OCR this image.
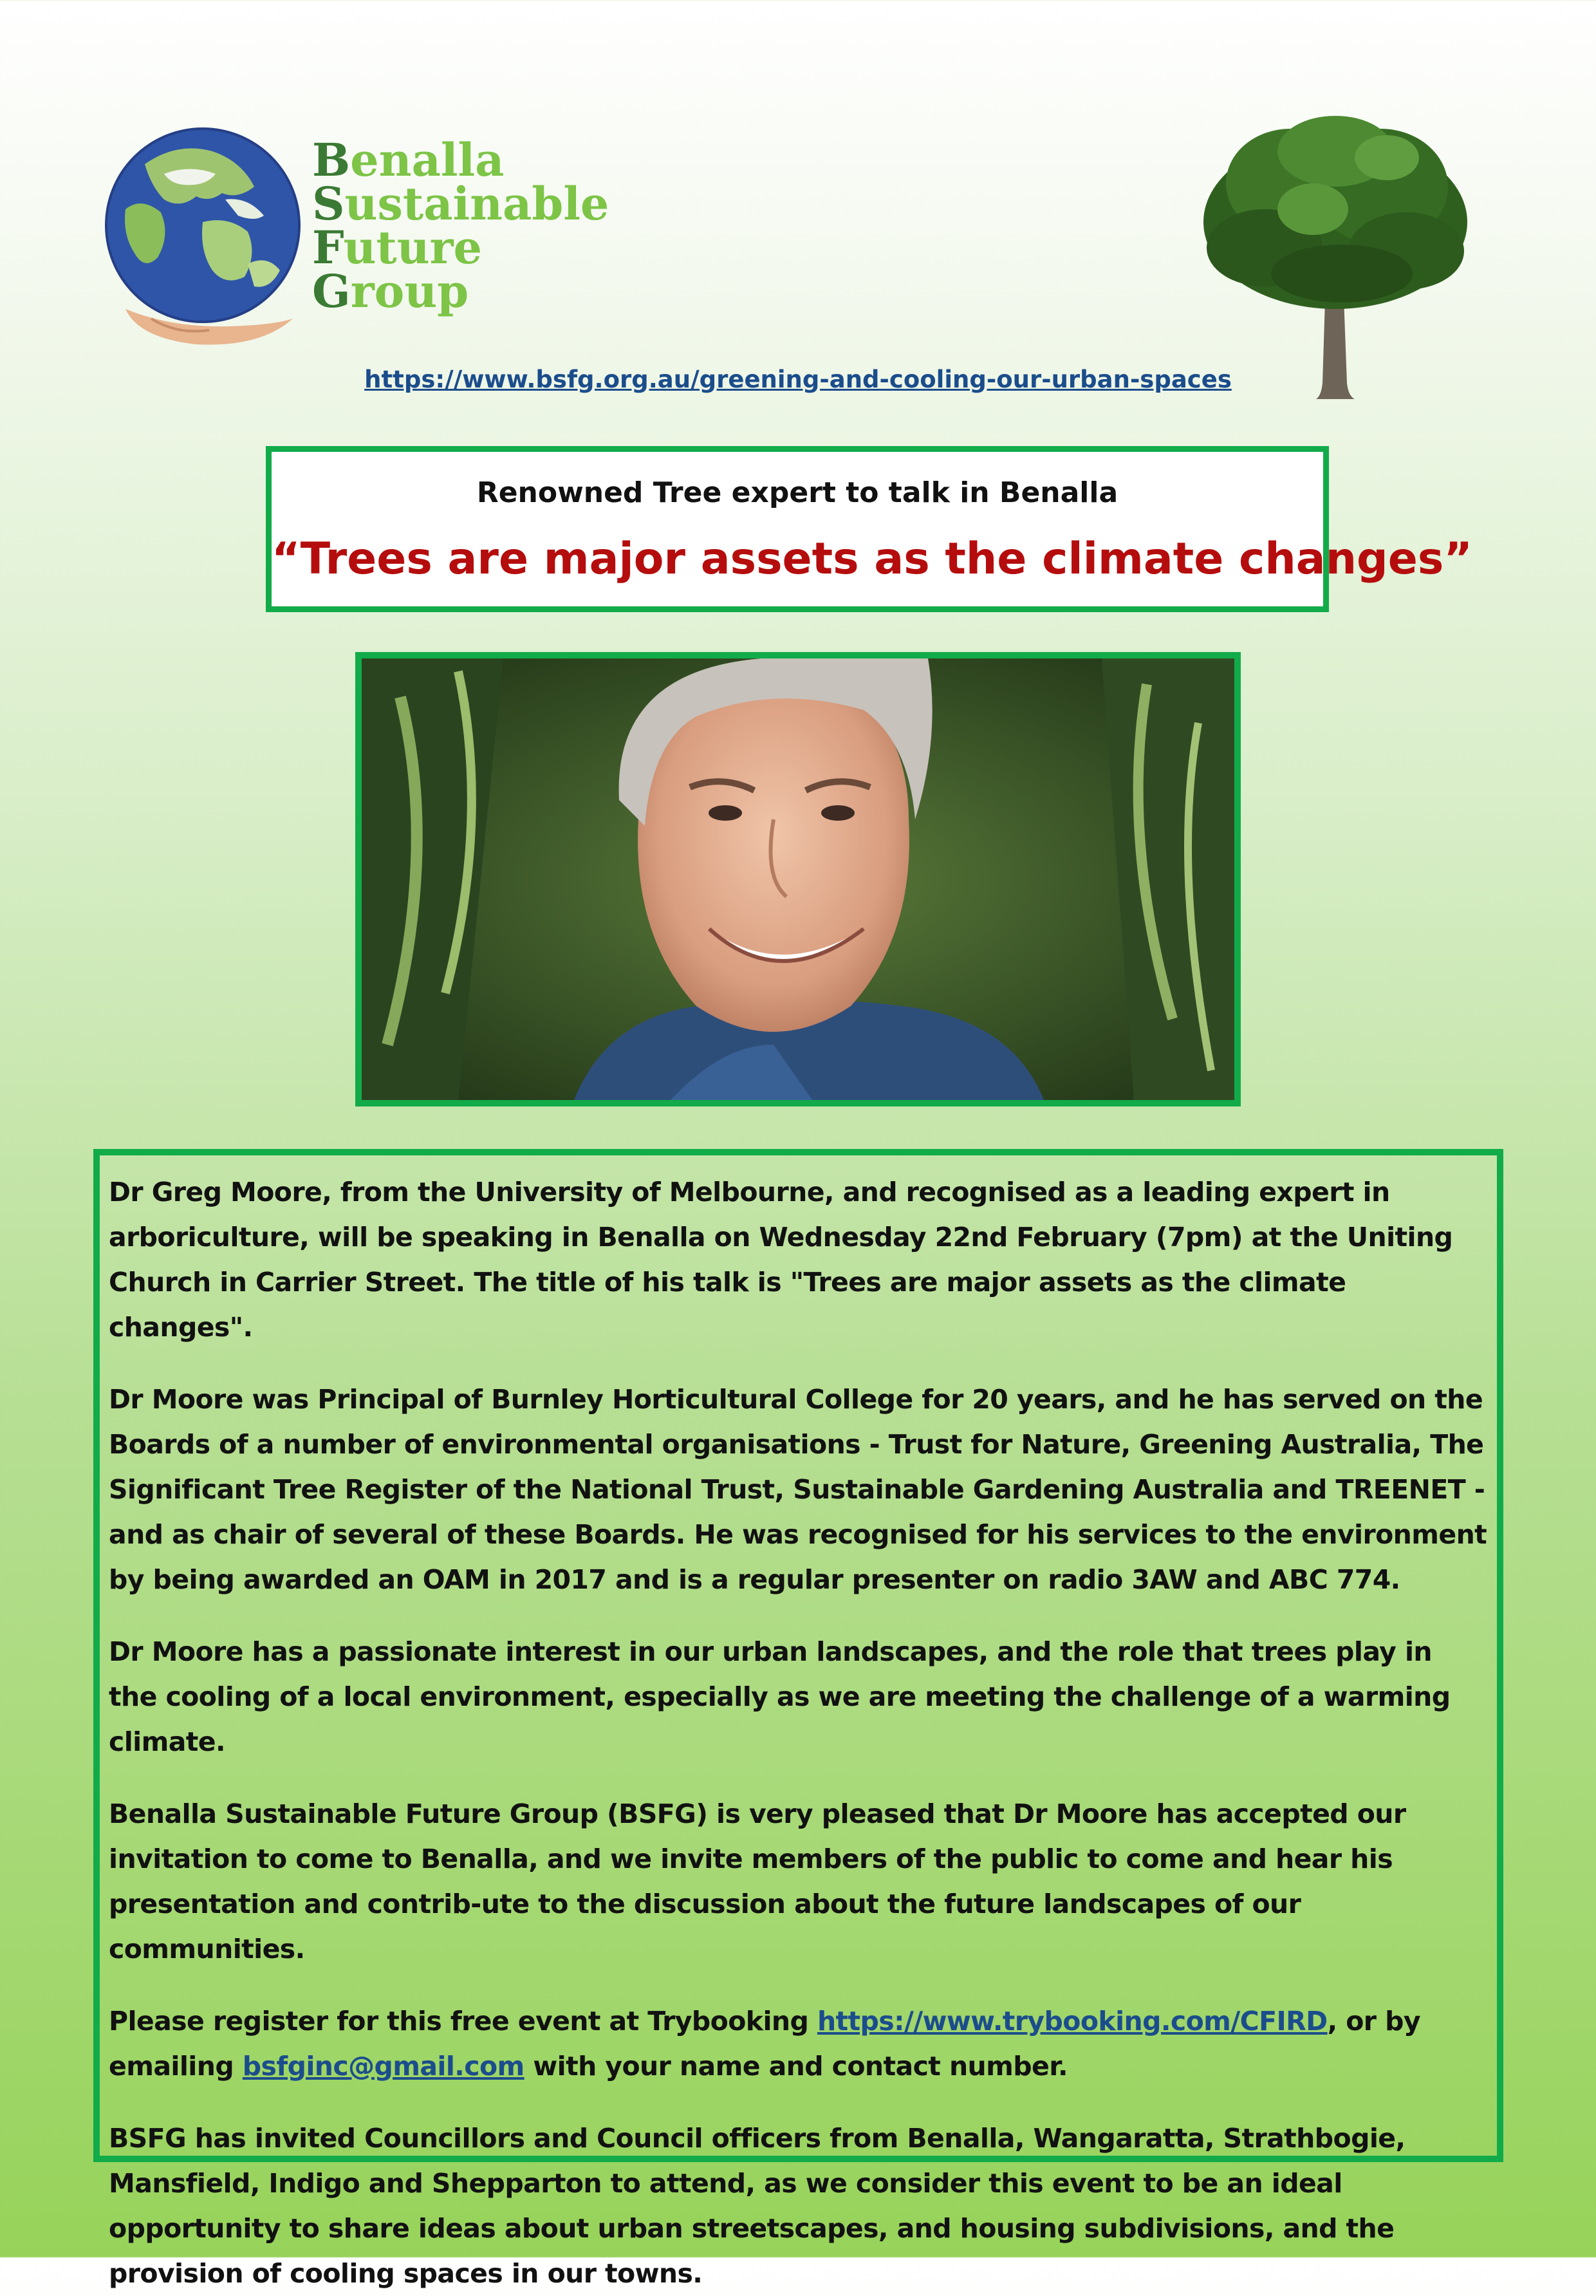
Benalla
Sustainable
Future
Group
https://www.bsfg.org.au/greening-and-cooling-our-urban-spaces
Renowned Tree expert to talk in Benalla
“Trees are major assets as the climate changes”

Dr Greg Moore, from the University of Melbourne, and recognised as a leading expert in arboriculture, will be speaking in Benalla on Wednesday 22nd February (7pm) at the Uniting Church in Carrier Street. The title of his talk is "Trees are major assets as the climate changes".

Dr Moore was Principal of Burnley Horticultural College for 20 years, and he has served on the Boards of a number of environmental organisations - Trust for Nature, Greening Australia, The Significant Tree Register of the National Trust, Sustainable Gardening Australia and TREENET - and as chair of several of these Boards. He was recognised for his services to the environment by being awarded an OAM in 2017 and is a regular presenter on radio 3AW and ABC 774.

Dr Moore has a passionate interest in our urban landscapes, and the role that trees play in the cooling of a local environment, especially as we are meeting the challenge of a warming climate.

Benalla Sustainable Future Group (BSFG) is very pleased that Dr Moore has accepted our invitation to come to Benalla, and we invite members of the public to come and hear his presentation and contrib-ute to the discussion about the future landscapes of our communities.

Please register for this free event at Trybooking https://www.trybooking.com/CFIRD, or by emailing bsfginc@gmail.com with your name and contact number.

BSFG has invited Councillors and Council officers from Benalla, Wangaratta, Strathbogie, Mansfield, Indigo and Shepparton to attend, as we consider this event to be an ideal opportunity to share ideas about urban streetscapes, and housing subdivisions, and the provision of cooling spaces in our towns.
